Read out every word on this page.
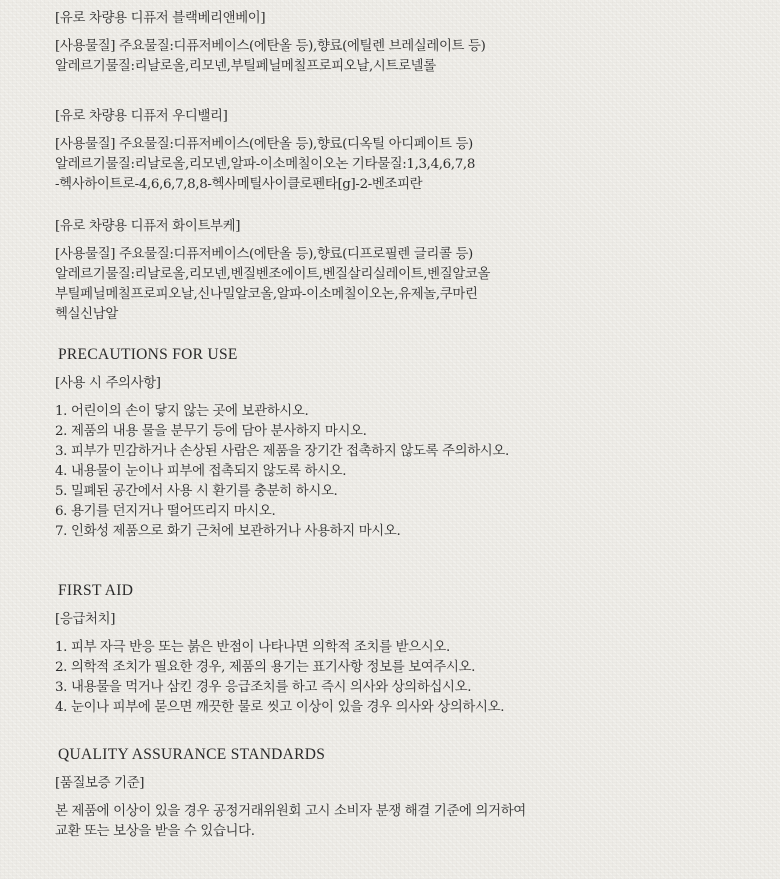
[유로 차량용 디퓨저 블랙베리앤베이]
[사용물질] 주요물질:디퓨저베이스(에탄올 등),향료(에틸렌 브레실레이트 등)
알레르기물질:리날로올,리모넨,부틸페닐메칠프로피오날,시트로넬롤
[유로 차량용 디퓨저 우디밸리]
[사용물질] 주요물질:디퓨저베이스(에탄올 등),향료(디옥틸 아디페이트 등)
알레르기물질:리날로올,리모넨,알파-이소메칠이오논 기타물질:1,3,4,6,7,8
-헥사하이트로-4,6,6,7,8,8-헥사메틸사이클로펜타[g]-2-벤조피란
[유로 차량용 디퓨저 화이트부케]
[사용물질] 주요물질:디퓨저베이스(에탄올 등),향료(디프로필렌 글리콜 등)
알레르기물질:리날로올,리모넨,벤질벤조에이트,벤질살리실레이트,벤질알코올
부틸페닐메칠프로피오날,신나밀알코올,알파-이소메칠이오논,유제놀,쿠마린
헥실신남알
PRECAUTIONS FOR USE
[사용 시 주의사항]
1. 어린이의 손이 닿지 않는 곳에 보관하시오.
2. 제품의 내용 물을 분무기 등에 담아 분사하지 마시오.
3. 피부가 민감하거나 손상된 사람은 제품을 장기간 접촉하지 않도록 주의하시오.
4. 내용물이 눈이나 피부에 접촉되지 않도록 하시오.
5. 밀폐된 공간에서 사용 시 환기를 충분히 하시오.
6. 용기를 던지거나 떨어뜨리지 마시오.
7. 인화성 제품으로 화기 근처에 보관하거나 사용하지 마시오.
FIRST AID
[응급처치]
1. 피부 자극 반응 또는 붉은 반점이 나타나면 의학적 조치를 받으시오.
2. 의학적 조치가 필요한 경우, 제품의 용기는 표기사항 정보를 보여주시오.
3. 내용물을 먹거나 삼킨 경우 응급조치를 하고 즉시 의사와 상의하십시오.
4. 눈이나 피부에 묻으면 깨끗한 물로 씻고 이상이 있을 경우 의사와 상의하시오.
QUALITY ASSURANCE STANDARDS
[품질보증 기준]
본 제품에 이상이 있을 경우 공정거래위원회 고시 소비자 분쟁 해결 기준에 의거하여
교환 또는 보상을 받을 수 있습니다.
